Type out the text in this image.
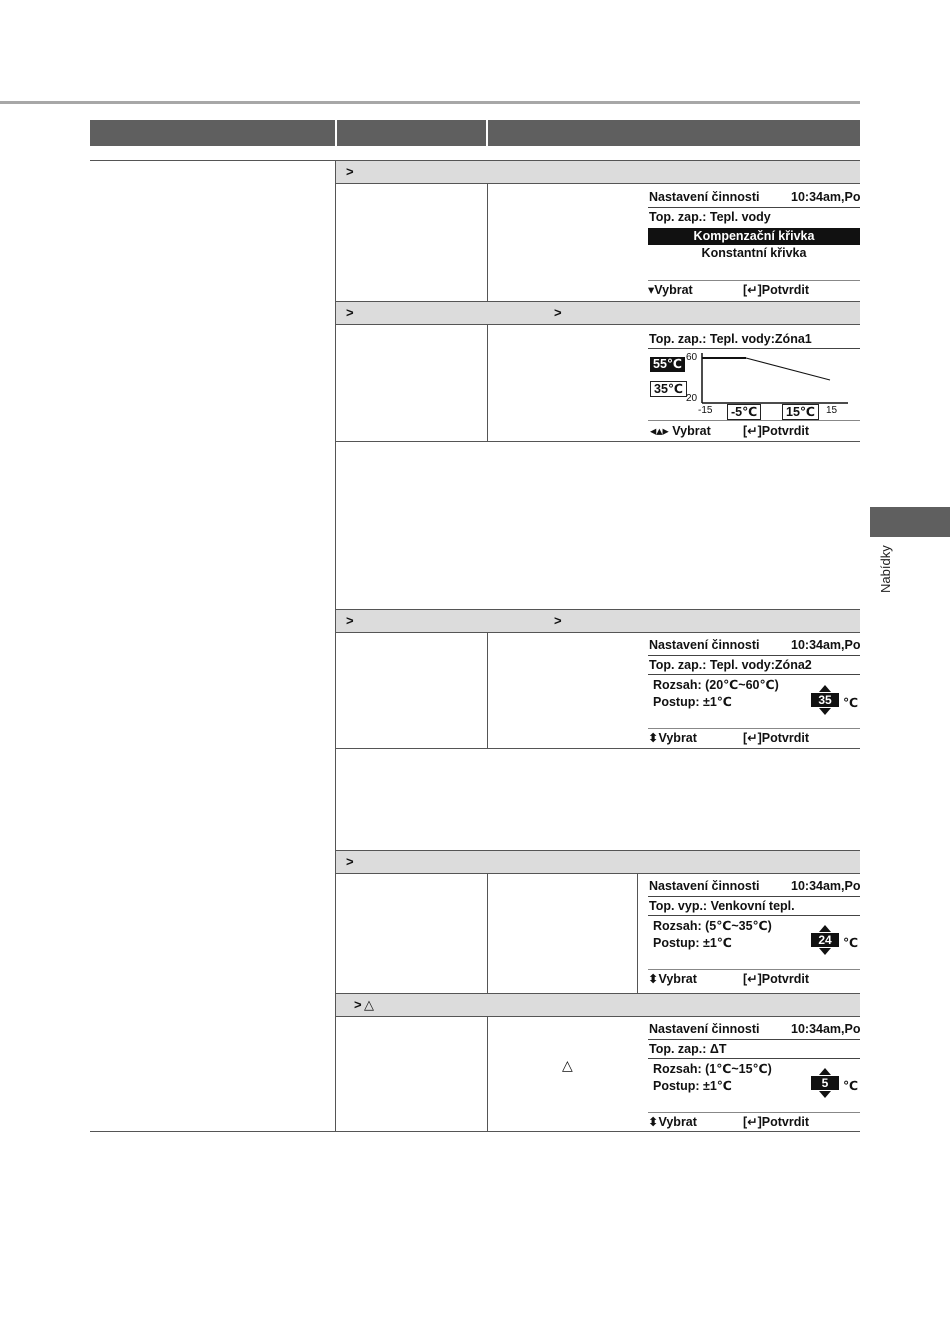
>
Nastavení činnosti	10:34am,Po
Top. zap.: Tepl. vody
Kompenzační křivka
Konstantní křivka
▾Vybrat	[↵]Potvrdit
>	>
Top. zap.: Tepl. vody:Zóna1
55℃
35℃
60
20
-15	-5℃	15℃	15
◂▴▸ Vybrat	[↵]Potvrdit
>	>
Nastavení činnosti	10:34am,Po
Top. zap.: Tepl. vody:Zóna2
Rozsah: (20℃~60℃)
Postup: ±1℃	35 ℃
⬍Vybrat	[↵]Potvrdit
>
Nastavení činnosti	10:34am,Po
Top. vyp.: Venkovní tepl.
Rozsah: (5℃~35℃)
Postup: ±1℃	24 ℃
⬍Vybrat	[↵]Potvrdit
> △
△
Nastavení činnosti	10:34am,Po
Top. zap.: ΔT
Rozsah: (1℃~15℃)
Postup: ±1℃	5	℃
⬍Vybrat	[↵]Potvrdit
Nabídky
